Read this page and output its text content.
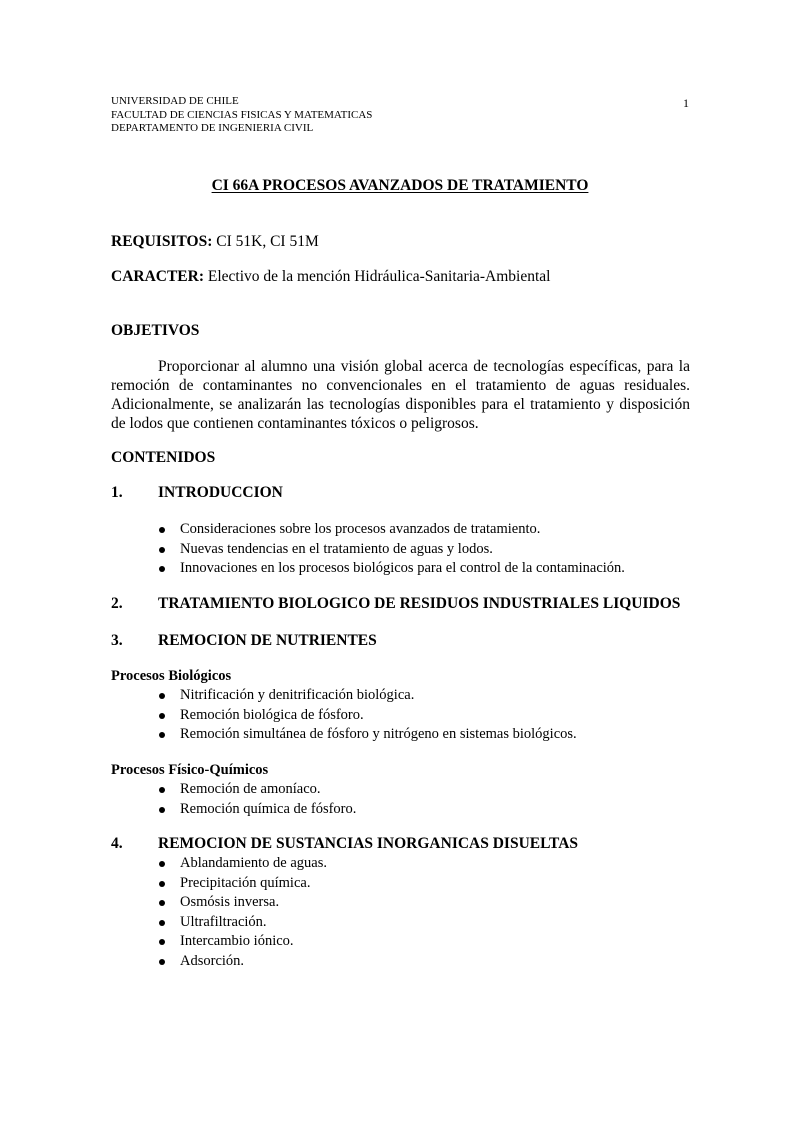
UNIVERSIDAD DE CHILE
FACULTAD DE CIENCIAS FISICAS Y MATEMATICAS
DEPARTAMENTO DE INGENIERIA CIVIL
1
CI 66A PROCESOS AVANZADOS DE TRATAMIENTO
REQUISITOS: CI 51K, CI 51M
CARACTER: Electivo de la mención Hidráulica-Sanitaria-Ambiental
OBJETIVOS
Proporcionar al alumno una visión global acerca de tecnologías específicas, para la remoción de contaminantes no convencionales en el tratamiento de aguas residuales. Adicionalmente, se analizarán las tecnologías disponibles para el tratamiento y disposición de lodos que contienen contaminantes tóxicos o peligrosos.
CONTENIDOS
1. INTRODUCCION
Consideraciones sobre los procesos avanzados de tratamiento.
Nuevas tendencias en el tratamiento de aguas y lodos.
Innovaciones en los procesos biológicos para el control de la contaminación.
2. TRATAMIENTO BIOLOGICO DE RESIDUOS INDUSTRIALES LIQUIDOS
3. REMOCION DE NUTRIENTES
Procesos Biológicos
Nitrificación y denitrificación biológica.
Remoción biológica de fósforo.
Remoción simultánea de fósforo y nitrógeno en sistemas biológicos.
Procesos Físico-Químicos
Remoción de amoníaco.
Remoción química de fósforo.
4. REMOCION DE SUSTANCIAS INORGANICAS DISUELTAS
Ablandamiento de aguas.
Precipitación química.
Osmósis inversa.
Ultrafiltración.
Intercambio iónico.
Adsorción.
